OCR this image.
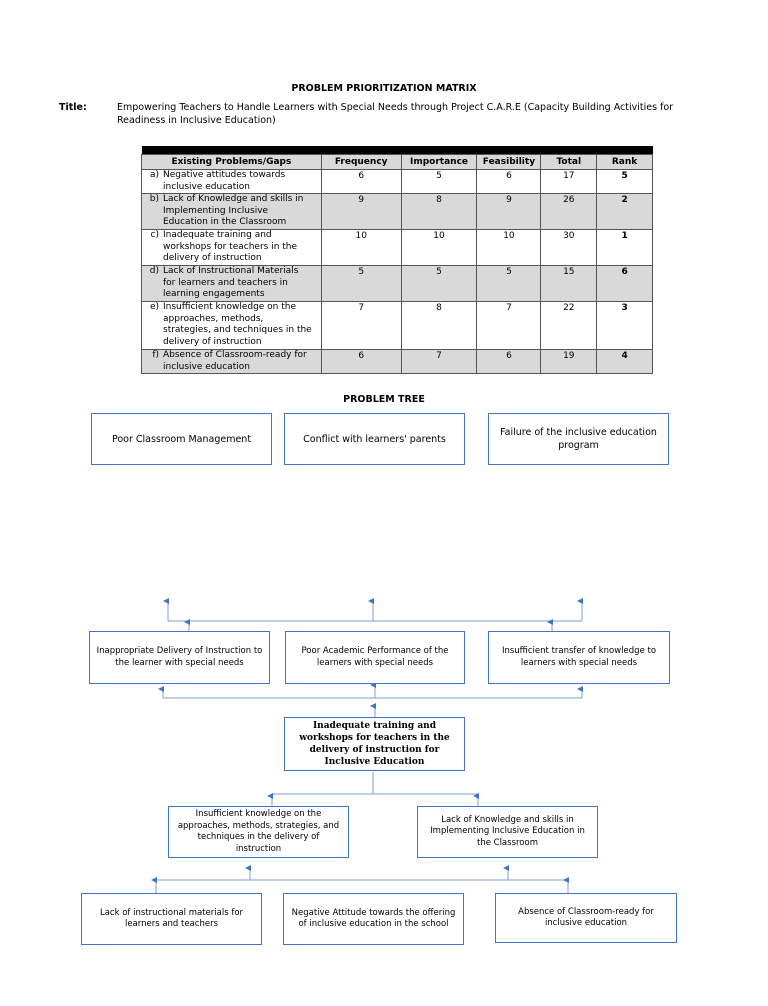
PROBLEM PRIORITIZATION MATRIX
Title:	Empowering Teachers to Handle Learners with Special Needs through Project C.A.R.E (Capacity Building Activities for Readiness in Inclusive Education)

Existing Problems/Gaps	Frequency	Importance	Feasibility	Total	Rank
a) Negative attitudes towards inclusive education	6	5	6	17	5
b) Lack of Knowledge and skills in Implementing Inclusive Education in the Classroom	9	8	9	26	2
c) Inadequate training and workshops for teachers in the delivery of instruction	10	10	10	30	1
d) Lack of Instructional Materials for learners and teachers in learning engagements	5	5	5	15	6
e) Insufficient knowledge on the approaches, methods, strategies, and techniques in the delivery of instruction	7	8	7	22	3
f) Absence of Classroom-ready for inclusive education	6	7	6	19	4
PROBLEM TREE
Poor Classroom Management	Conflict with learners' parents
Failure of the inclusive education program
Inappropriate Delivery of Instruction to the learner with special needs
Poor Academic Performance of the learners with special needs
Insufficient transfer of knowledge to learners with special needs
Inadequate training and workshops for teachers in the delivery of instruction for Inclusive Education
Insufficient knowledge on the approaches, methods, strategies, and techniques in the delivery of instruction
Lack of Knowledge and skills in Implementing Inclusive Education in the Classroom
Lack of instructional materials for learners and teachers
Negative Attitude towards the offering of inclusive education in the school
Absence of Classroom-ready for inclusive education
